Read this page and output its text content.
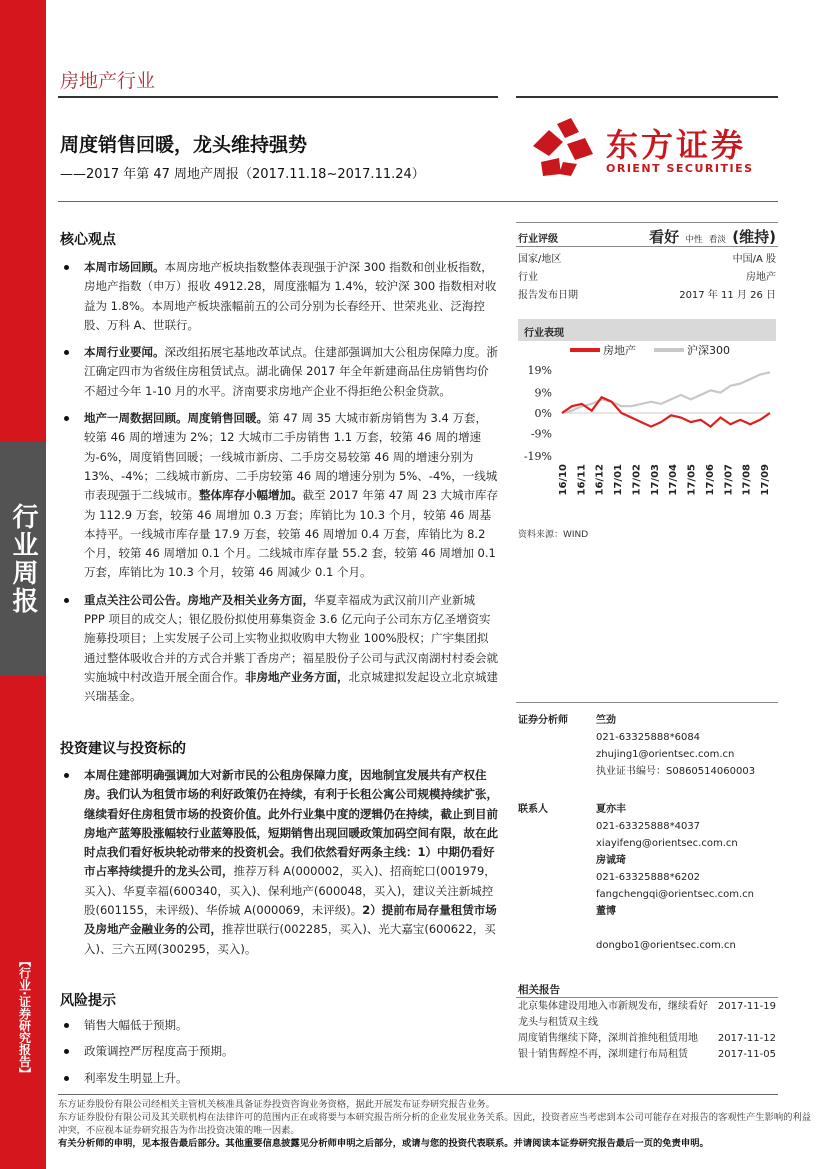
行业周报
【行业·证券研究报告】
房地产行业
周度销售回暖，龙头维持强势
——2017 年第 47 周地产周报（2017.11.18~2017.11.24）
东方证券
ORIENT SECURITIES
核心观点
本周市场回顾。本周房地产板块指数整体表现强于沪深 300 指数和创业板指数，房地产指数（申万）报收 4912.28，周度涨幅为 1.4%，较沪深 300 指数相对收益为 1.8%。本周地产板块涨幅前五的公司分别为长春经开、世荣兆业、泛海控股、万科 A、世联行。
本周行业要闻。深改组拓展宅基地改革试点。住建部强调加大公租房保障力度。浙江确定四市为省级住房租赁试点。湖北确保 2017 年全年新建商品住房销售均价不超过今年 1-10 月的水平。济南要求房地产企业不得拒绝公积金贷款。
地产一周数据回顾。周度销售回暖。第 47 周 35 大城市新房销售为 3.4 万套，较第 46 周的增速为 2%；12 大城市二手房销售 1.1 万套，较第 46 周的增速为-6%，周度销售回暖；一线城市新房、二手房交易较第 46 周的增速分别为 13%、-4%；二线城市新房、二手房较第 46 周的增速分别为 5%、-4%，一线城市表现强于二线城市。整体库存小幅增加。截至 2017 年第 47 周 23 大城市库存为 112.9 万套，较第 46 周增加 0.3 万套；库销比为 10.3 个月，较第 46 周基本持平。一线城市库存量 17.9 万套，较第 46 周增加 0.4 万套，库销比为 8.2 个月，较第 46 周增加 0.1 个月。二线城市库存量 55.2 套，较第 46 周增加 0.1 万套，库销比为 10.3 个月，较第 46 周减少 0.1 个月。
重点关注公司公告。房地产及相关业务方面，华夏幸福成为武汉前川产业新城 PPP 项目的成交人；银亿股份拟使用募集资金 3.6 亿元向子公司东方亿圣增资实施募投项目；上实发展子公司上实物业拟收购申大物业 100%股权；广宇集团拟通过整体吸收合并的方式合并紫丁香房产；福星股份子公司与武汉南湖村村委会就实施城中村改造开展全面合作。非房地产业务方面，北京城建拟发起设立北京城建兴瑞基金。
投资建议与投资标的
本周住建部明确强调加大对新市民的公租房保障力度，因地制宜发展共有产权住房。我们认为租赁市场的利好政策仍在持续，有利于长租公寓公司规模持续扩张，继续看好住房租赁市场的投资价值。此外行业集中度的逻辑仍在持续，截止到目前房地产蓝筹股涨幅较行业蓝筹股低，短期销售出现回暖政策加码空间有限，故在此时点我们看好板块轮动带来的投资机会。我们依然看好两条主线：1）中期仍看好市占率持续提升的龙头公司，推荐万科 A(000002，买入)、招商蛇口(001979，买入)、华夏幸福(600340，买入)、保利地产(600048，买入)，建议关注新城控股(601155，未评级)、华侨城 A(000069，未评级)。2）提前布局存量租赁市场及房地产金融业务的公司，推荐世联行(002285，买入)、光大嘉宝(600622，买入)、三六五网(300295，买入)。
风险提示
销售大幅低于预期。
政策调控严厉程度高于预期。
利率发生明显上升。
行业评级	看好 中性 看淡 (维持)
国家/地区	中国/A 股
行业	房地产
报告发布日期	2017 年 11 月 26 日
行业表现
房地产	沪深300
19%
9%
0%
-9%
-19%
16/10 16/11 16/12 17/01 17/02 17/03 17/04 17/05 17/06 17/07 17/08 17/09
资料来源：WIND
证券分析师	竺劲
021-63325888*6084
zhujing1@orientsec.com.cn
执业证书编号：S0860514060003
联系人	夏亦丰
021-63325888*4037
xiayifeng@orientsec.com.cn
房诚琦
021-63325888*6202
fangchengqi@orientsec.com.cn
董博

dongbo1@orientsec.com.cn
相关报告
北京集体建设用地入市新规发布，继续看好龙头与租赁双主线
2017-11-19
周度销售继续下降，深圳首推纯租赁用地 2017-11-12
银十销售辉煌不再，深圳建行布局租赁	2017-11-05
东方证券股份有限公司经相关主管机关核准具备证券投资咨询业务资格，据此开展发布证券研究报告业务。
东方证券股份有限公司及其关联机构在法律许可的范围内正在或将要与本研究报告所分析的企业发展业务关系。因此，投资者应当考虑到本公司可能存在对报告的客观性产生影响的利益冲突，不应视本证券研究报告为作出投资决策的唯一因素。
有关分析师的申明，见本报告最后部分。其他重要信息披露见分析师申明之后部分，或请与您的投资代表联系。并请阅读本证券研究报告最后一页的免责申明。
